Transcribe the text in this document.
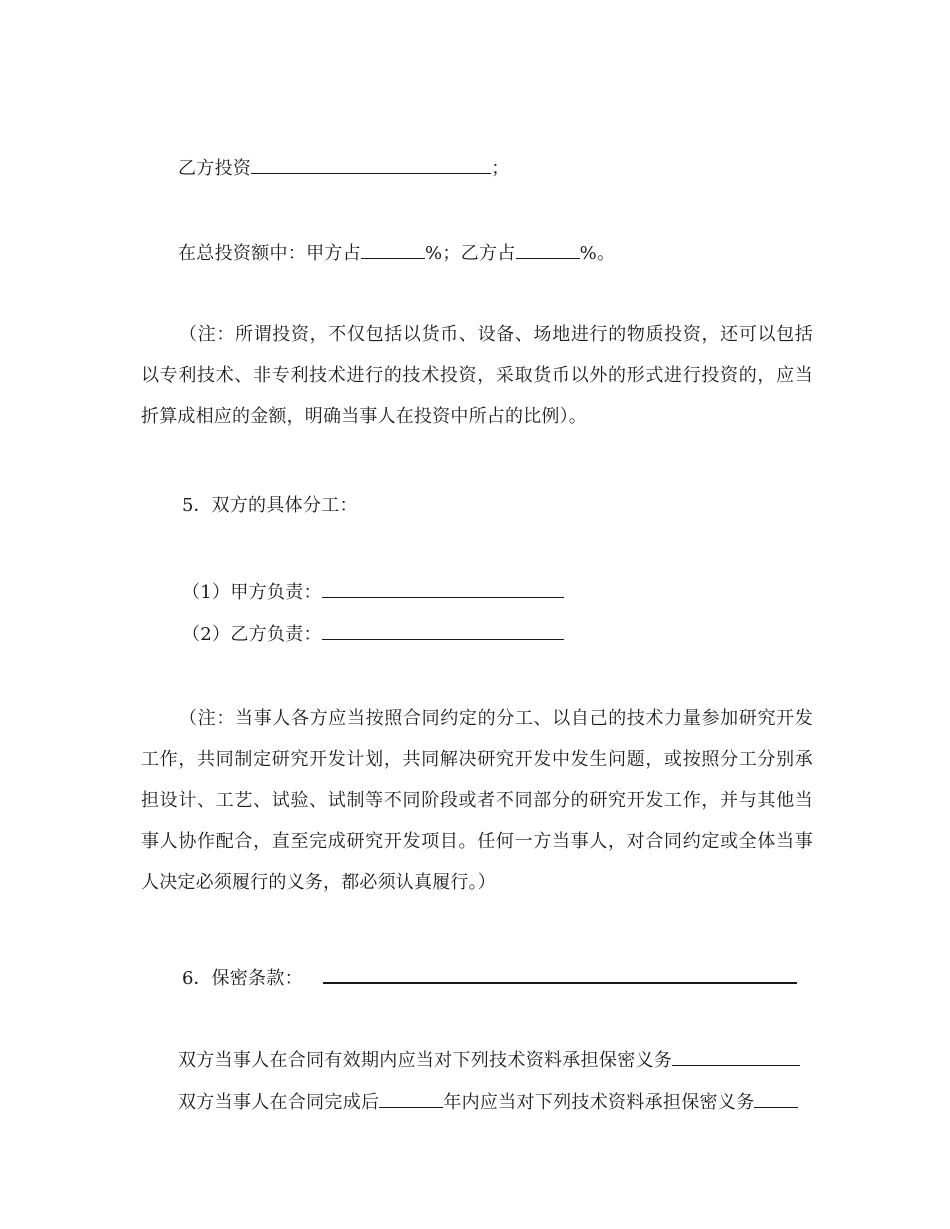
乙方投资	；
在总投资额中：甲方占	%；乙方占	%。
（注：所谓投资，不仅包括以货币、设备、场地进行的物质投资，还可以包括以专利技术、非专利技术进行的技术投资，采取货币以外的形式进行投资的，应当折算成相应的金额，明确当事人在投资中所占的比例）。
5．双方的具体分工：
（1）甲方负责：
（2）乙方负责：
（注：当事人各方应当按照合同约定的分工、以自己的技术力量参加研究开发工作，共同制定研究开发计划，共同解决研究开发中发生问题，或按照分工分别承担设计、工艺、试验、试制等不同阶段或者不同部分的研究开发工作，并与其他当事人协作配合，直至完成研究开发项目。任何一方当事人，对合同约定或全体当事人决定必须履行的义务，都必须认真履行。）
6．保密条款：
双方当事人在合同有效期内应当对下列技术资料承担保密义务
双方当事人在合同完成后	年内应当对下列技术资料承担保密义务
